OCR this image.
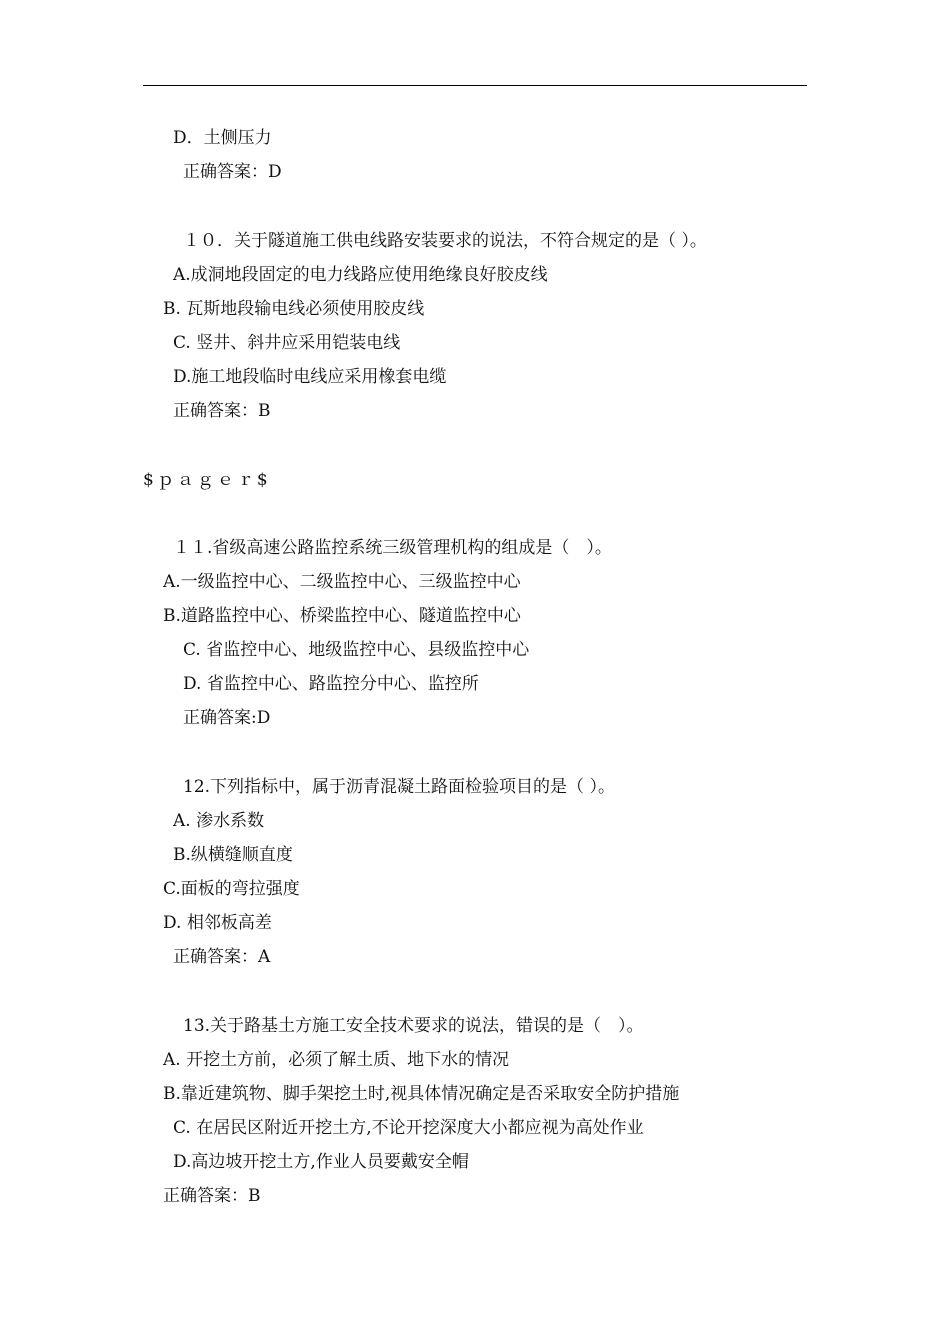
D．土侧压力
正确答案：D
１０．关于隧道施工供电线路安装要求的说法，不符合规定的是（ ）。
A.成洞地段固定的电力线路应使用绝缘良好胶皮线
B. 瓦斯地段输电线必须使用胶皮线
C. 竖井、斜井应采用铠装电线
D.施工地段临时电线应采用橡套电缆
正确答案：B
$ｐａｇｅｒ$
１１.省级高速公路监控系统三级管理机构的组成是（　）。
A.一级监控中心、二级监控中心、三级监控中心
B.道路监控中心、桥梁监控中心、隧道监控中心
C. 省监控中心、地级监控中心、县级监控中心
D. 省监控中心、路监控分中心、监控所
正确答案:D
12.下列指标中，属于沥青混凝土路面检验项目的是（ ）。
A. 渗水系数
B.纵横缝顺直度
C.面板的弯拉强度
D. 相邻板高差
正确答案：A
13.关于路基土方施工安全技术要求的说法，错误的是（　）。
A. 开挖土方前，必须了解土质、地下水的情况
B.靠近建筑物、脚手架挖土时,视具体情况确定是否采取安全防护措施
C. 在居民区附近开挖土方,不论开挖深度大小都应视为高处作业
D.高边坡开挖土方,作业人员要戴安全帽
正确答案：B
